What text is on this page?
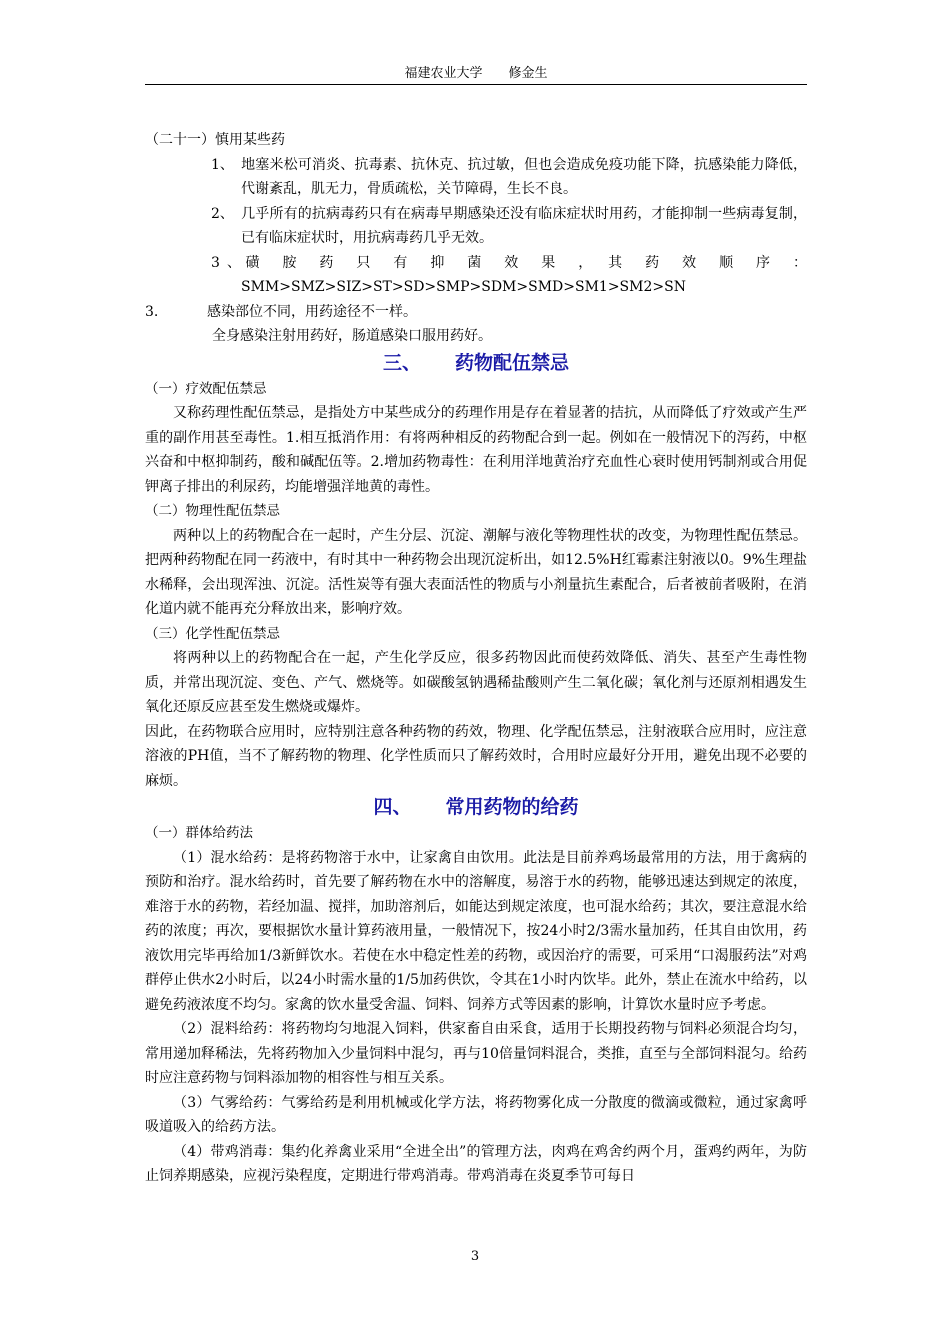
福建农业大学　　修金生

（二十一）慎用某些药

1、 地塞米松可消炎、抗毒素、抗休克、抗过敏，但也会造成免疫功能下降，抗感染能力降低，代谢紊乱，肌无力，骨质疏松，关节障碍，生长不良。

2、 几乎所有的抗病毒药只有在病毒早期感染还没有临床症状时用药，才能抑制一些病毒复制，已有临床症状时，用抗病毒药几乎无效。

3、磺　胺　药　只　有　抑　菌　效　果　，　其　药　效　顺　序　：

SMM>SMZ>SIZ>ST>SD>SMP>SDM>SMD>SM1>SM2>SN

3.	感染部位不同，用药途径不一样。

全身感染注射用药好，肠道感染口服用药好。

三、 药物配伍禁忌

（一）疗效配伍禁忌

又称药理性配伍禁忌，是指处方中某些成分的药理作用是存在着显著的拮抗，从而降低了疗效或产生严重的副作用甚至毒性。1.相互抵消作用：有将两种相反的药物配合到一起。例如在一般情况下的泻药，中枢兴奋和中枢抑制药，酸和碱配伍等。2.增加药物毒性：在利用洋地黄治疗充血性心衰时使用钙制剂或合用促钾离子排出的利尿药，均能增强洋地黄的毒性。

（二）物理性配伍禁忌

两种以上的药物配合在一起时，产生分层、沉淀、潮解与液化等物理性状的改变，为物理性配伍禁忌。把两种药物配在同一药液中，有时其中一种药物会出现沉淀析出，如12.5%H红霉素注射液以0。9%生理盐水稀释，会出现浑浊、沉淀。活性炭等有强大表面活性的物质与小剂量抗生素配合，后者被前者吸附，在消化道内就不能再充分释放出来，影响疗效。

（三）化学性配伍禁忌

将两种以上的药物配合在一起，产生化学反应，很多药物因此而使药效降低、消失、甚至产生毒性物质，并常出现沉淀、变色、产气、燃烧等。如碳酸氢钠遇稀盐酸则产生二氧化碳；氧化剂与还原剂相遇发生氧化还原反应甚至发生燃烧或爆炸。

因此，在药物联合应用时，应特别注意各种药物的药效，物理、化学配伍禁忌，注射液联合应用时，应注意溶液的PH值，当不了解药物的物理、化学性质而只了解药效时，合用时应最好分开用，避免出现不必要的麻烦。

四、 常用药物的给药

（一）群体给药法

（1）混水给药：是将药物溶于水中，让家禽自由饮用。此法是目前养鸡场最常用的方法，用于禽病的预防和治疗。混水给药时，首先要了解药物在水中的溶解度，易溶于水的药物，能够迅速达到规定的浓度，难溶于水的药物，若经加温、搅拌，加助溶剂后，如能达到规定浓度，也可混水给药；其次，要注意混水给药的浓度；再次，要根据饮水量计算药液用量，一般情况下，按24小时2/3需水量加药，任其自由饮用，药液饮用完毕再给加1/3新鲜饮水。若使在水中稳定性差的药物，或因治疗的需要，可采用“口渴服药法”对鸡群停止供水2小时后，以24小时需水量的1/5加药供饮，令其在1小时内饮毕。此外，禁止在流水中给药，以避免药液浓度不均匀。家禽的饮水量受舍温、饲料、饲养方式等因素的影响，计算饮水量时应予考虑。

（2）混料给药：将药物均匀地混入饲料，供家畜自由采食，适用于长期投药物与饲料必须混合均匀，常用递加释稀法，先将药物加入少量饲料中混匀，再与10倍量饲料混合，类推，直至与全部饲料混匀。给药时应注意药物与饲料添加物的相容性与相互关系。

（3）气雾给药：气雾给药是利用机械或化学方法，将药物雾化成一分散度的微滴或微粒，通过家禽呼吸道吸入的给药方法。

（4）带鸡消毒：集约化养禽业采用“全进全出”的管理方法，肉鸡在鸡舍约两个月，蛋鸡约两年，为防止饲养期感染，应视污染程度，定期进行带鸡消毒。带鸡消毒在炎夏季节可每日

3
